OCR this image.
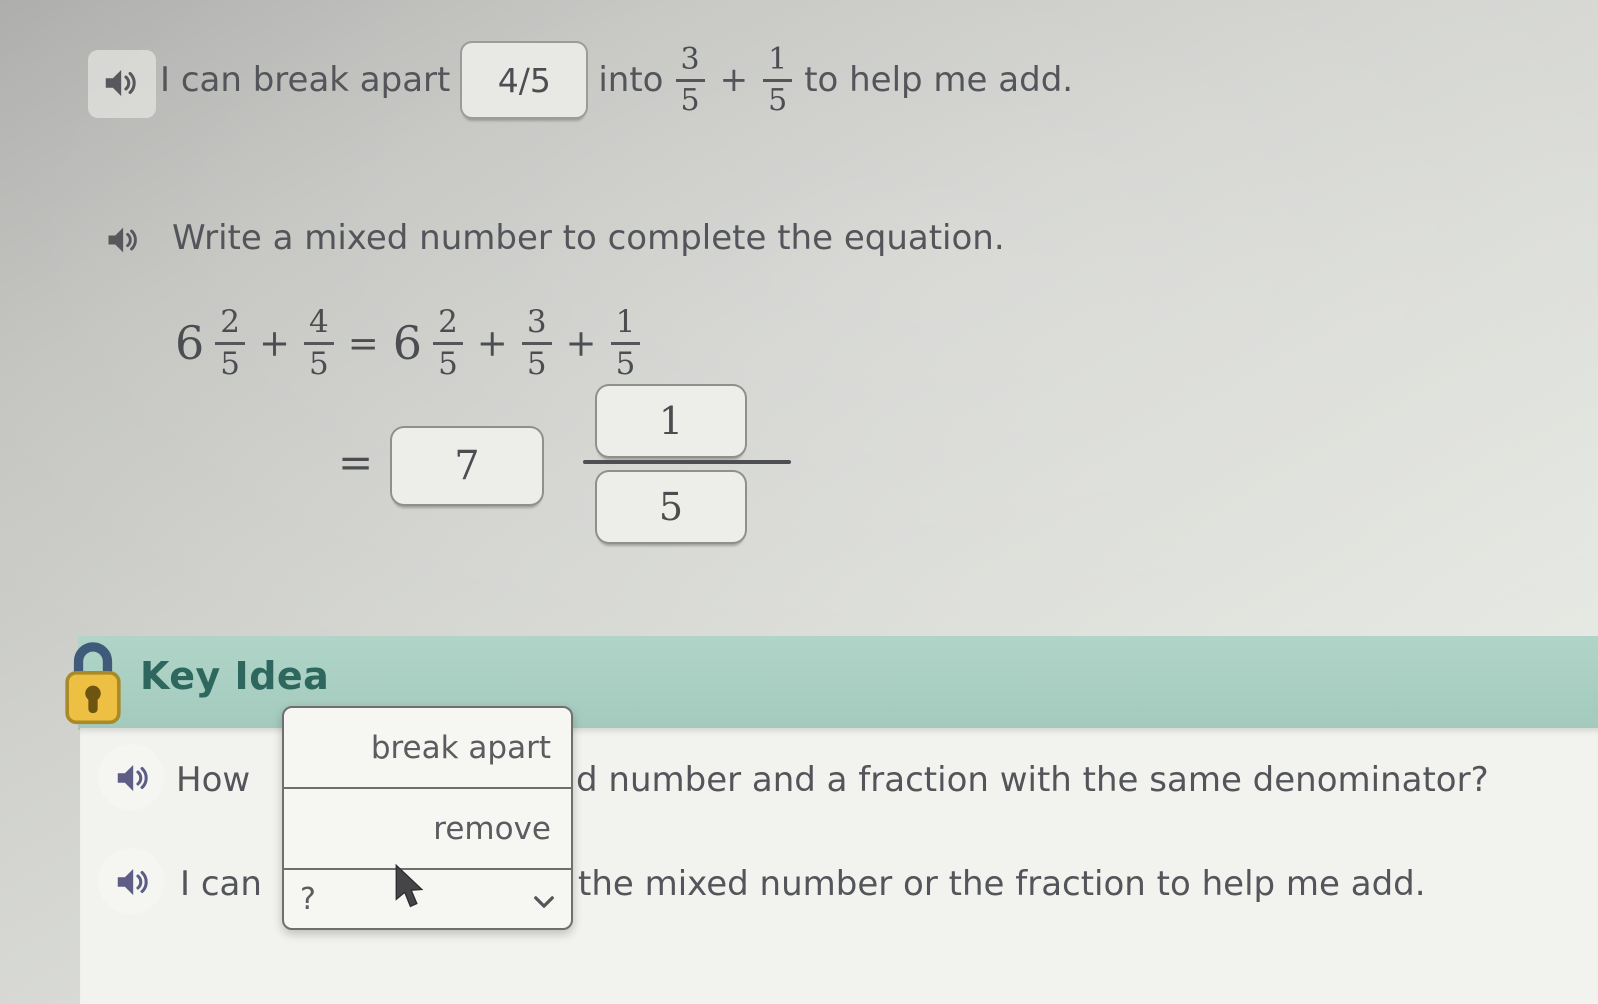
I can break apart	4/5	into $\frac{3}{5} + \frac{1}{5}$ to help me add.
Write a mixed number to complete the equation.
$6 \frac{2}{5} + \frac{4}{5} = 6 \frac{2}{5} + \frac{3}{5} + \frac{1}{5}$
=	7
1
5
Key Idea
How	d number and a fraction with the same denominator?
I can	the mixed number or the fraction to help me add.
break apart
remove
?
